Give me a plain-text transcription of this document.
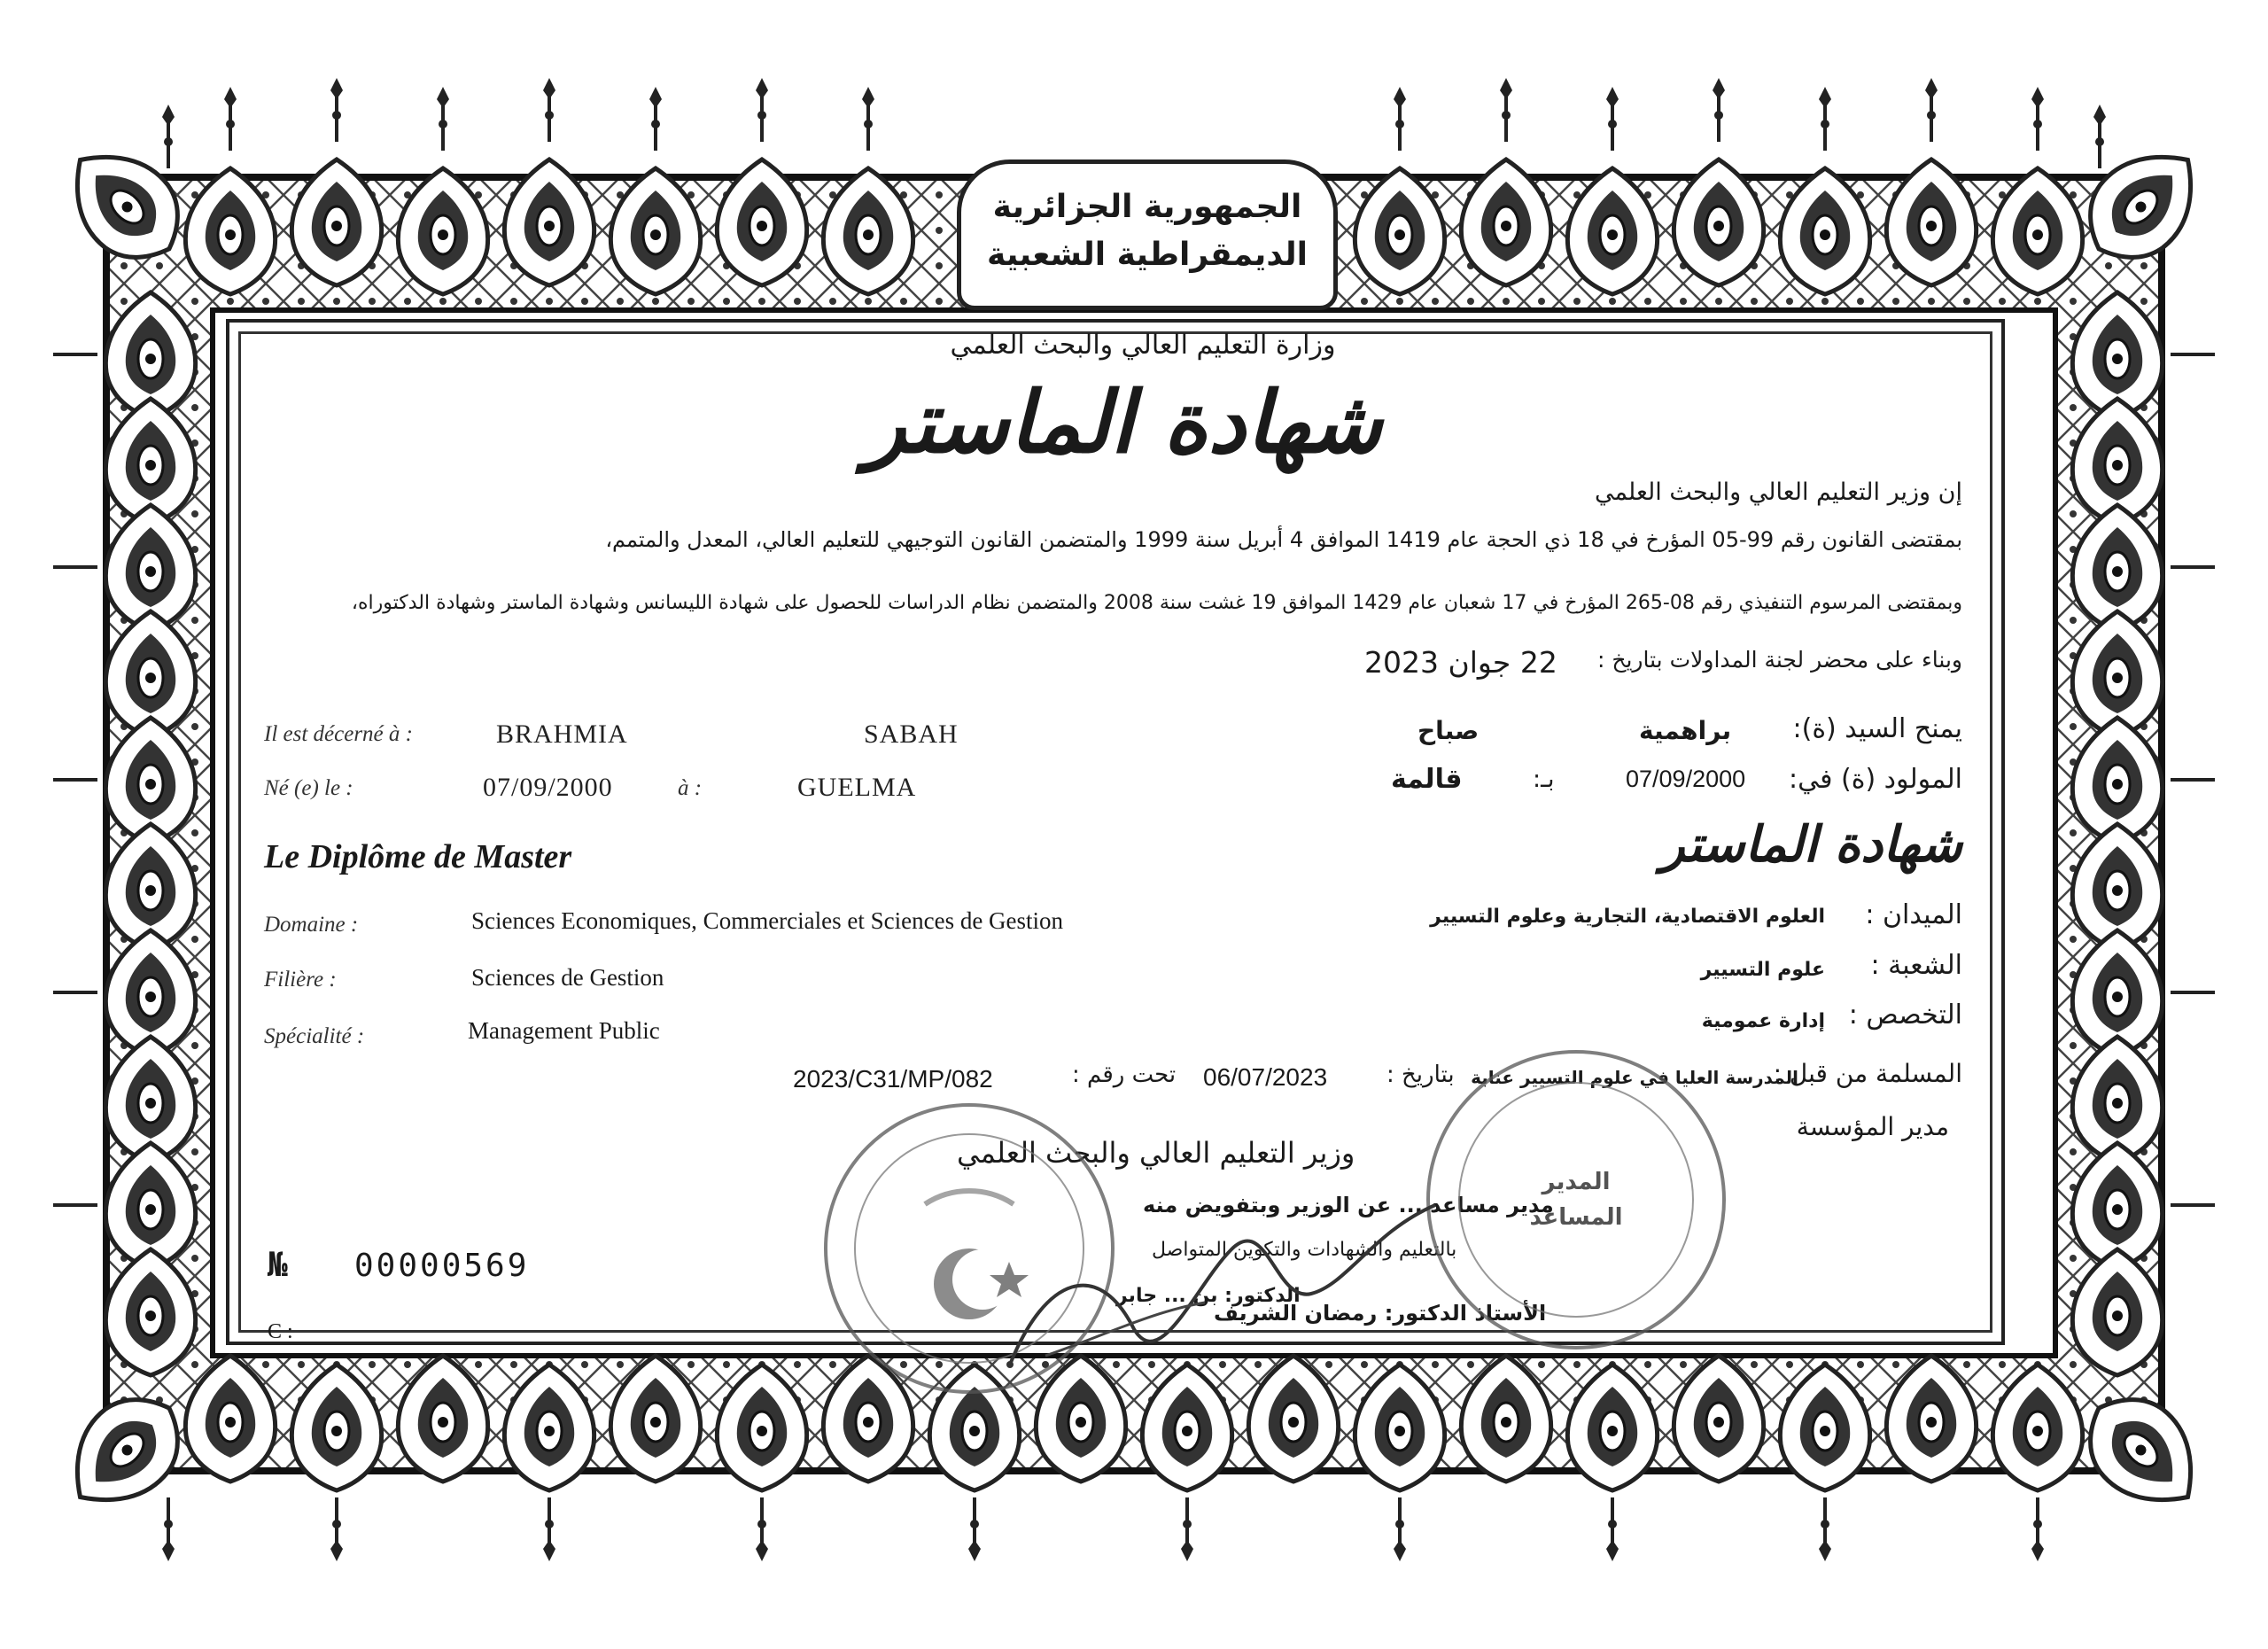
الجمهورية الجزائرية
الديمقراطية الشعبية
وزارة التعليم العالي والبحث العلمي
شهادة الماستر
إن وزير التعليم العالي والبحث العلمي
بمقتضى القانون رقم 99-05 المؤرخ في 18 ذي الحجة عام 1419 الموافق 4 أبريل سنة 1999 والمتضمن القانون التوجيهي للتعليم العالي، المعدل والمتمم،
وبمقتضى المرسوم التنفيذي رقم 08-265 المؤرخ في 17 شعبان عام 1429 الموافق 19 غشت سنة 2008 والمتضمن نظام الدراسات للحصول على شهادة الليسانس وشهادة الماستر وشهادة الدكتوراه،
وبناء على محضر لجنة المداولات بتاريخ :
22 جوان 2023
Il est décerné à :	BRAHMIA	SABAH
Né (e) le :	07/09/2000	à :	GUELMA
يمنح السيد (ة):
براهمية
صباح
المولود (ة) في:
07/09/2000
بـ:
قالمة
Le Diplôme de Master	شهادة الماستر
Domaine :	Sciences Economiques, Commerciales et Sciences de Gestion
Filière :	Sciences de Gestion
Spécialité :	Management Public
الميدان :
العلوم الاقتصادية، التجارية وعلوم التسيير
الشعبة :
علوم التسيير
التخصص :
إدارة عمومية
المسلمة من قبل :
المدرسة العليا في علوم التسيير عنابة
بتاريخ :
06/07/2023
تحت رقم :
2023/C31/MP/082
مدير المؤسسة
وزير التعليم العالي والبحث العلمي
مدير مساعد ... عن الوزير وبتفويض منه
بالتعليم والشهادات والتكوين المتواصل
الدكتور: بن ... جابر
الأستاذ الدكتور: رمضان الشريف
المدير
المساعد
№ 00000569
C :
